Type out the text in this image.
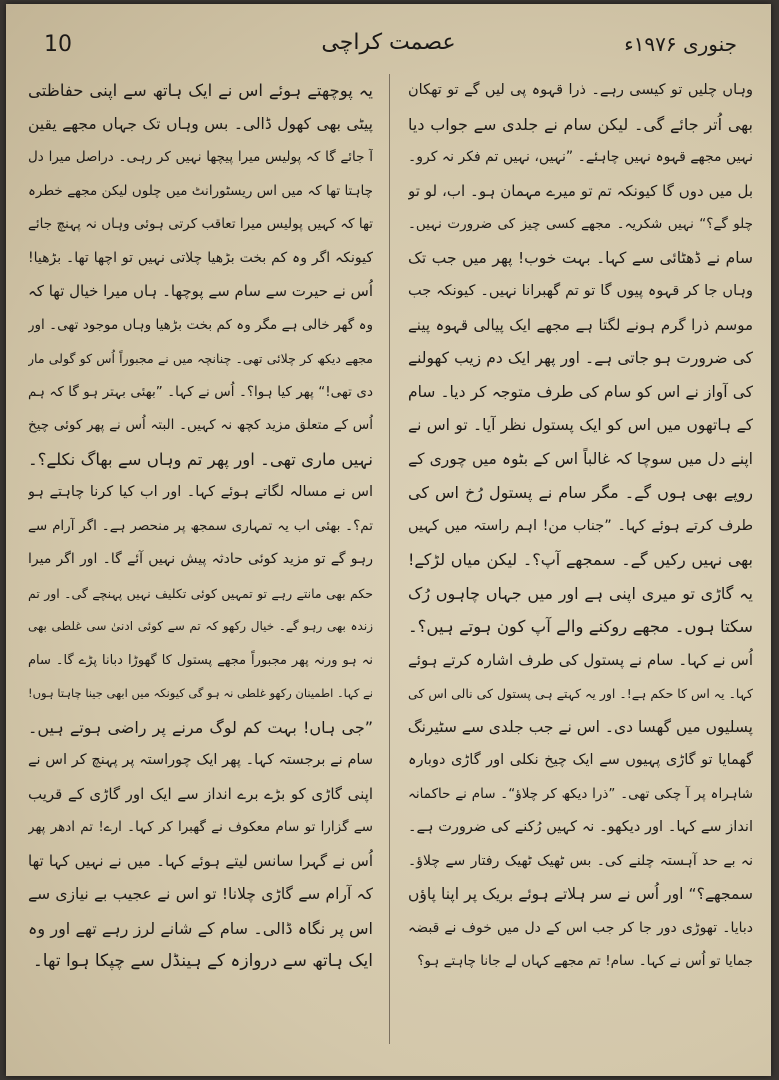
10	عصمت کراچی	جنوری ۱۹۷۶ء
وہاں چلیں تو کیسی رہے۔ ذرا قہوہ پی لیں گے تو تھکان
بھی اُتر جائے گی۔ لیکن سام نے جلدی سے جواب دیا
نہیں مجھے قہوہ نہیں چاہئے۔ ”نہیں، نہیں تم فکر نہ کرو۔
بل میں دوں گا کیونکہ تم تو میرے مہمان ہو۔ اب، لو تو
چلو گے؟“ نہیں شکریہ۔ مجھے کسی چیز کی ضرورت نہیں۔
سام نے ڈھٹائی سے کہا۔ بہت خوب! پھر میں جب تک
وہاں جا کر قہوہ پیوں گا تو تم گھبرانا نہیں۔ کیونکہ جب
موسم ذرا گرم ہونے لگتا ہے مجھے ایک پیالی قہوہ پینے
کی ضرورت ہو جاتی ہے۔ اور پھر ایک دم زیب کھولنے
کی آواز نے اس کو سام کی طرف متوجہ کر دیا۔ سام
کے ہاتھوں میں اس کو ایک پستول نظر آیا۔ تو اس نے
اپنے دل میں سوچا کہ غالباً اس کے بٹوہ میں چوری کے
روپے بھی ہوں گے۔ مگر سام نے پستول رُخ اس کی
طرف کرتے ہوئے کہا۔ ”جناب من! اہم راستہ میں کہیں
بھی نہیں رکیں گے۔ سمجھے آپ؟۔ لیکن میاں لڑکے!
یہ گاڑی تو میری اپنی ہے اور میں جہاں چاہوں رُک
سکتا ہوں۔ مجھے روکنے والے آپ کون ہوتے ہیں؟۔
اُس نے کہا۔ سام نے پستول کی طرف اشارہ کرتے ہوئے
کہا۔ یہ اس کا حکم ہے!۔ اور یہ کہتے ہی پستول کی نالی اس کی
پسلیوں میں گھسا دی۔ اس نے جب جلدی سے سٹیرنگ
گھمایا تو گاڑی پہیوں سے ایک چیخ نکلی اور گاڑی دوبارہ
شاہراہ پر آ چکی تھی۔ ”ذرا دیکھ کر چلاؤ“۔ سام نے حاکمانہ
انداز سے کہا۔ اور دیکھو۔ نہ کہیں رُکنے کی ضرورت ہے۔
نہ بے حد آہستہ چلنے کی۔ بس ٹھیک ٹھیک رفتار سے چلاؤ۔
سمجھے؟“ اور اُس نے سر ہلاتے ہوئے بریک پر اپنا پاؤں
دبایا۔ تھوڑی دور جا کر جب اس کے دل میں خوف نے قبضہ
جمایا تو اُس نے کہا۔ سام! تم مجھے کہاں لے جانا چاہتے ہو؟
یہ پوچھتے ہوئے اس نے ایک ہاتھ سے اپنی حفاظتی
پیٹی بھی کھول ڈالی۔ بس وہاں تک جہاں مجھے یقین
آ جائے گا کہ پولیس میرا پیچھا نہیں کر رہی۔ دراصل میرا دل
چاہتا تھا کہ میں اس ریسٹورانٹ میں چلوں لیکن مجھے خطرہ
تھا کہ کہیں پولیس میرا تعاقب کرتی ہوئی وہاں نہ پہنچ جائے
کیونکہ اگر وہ کم بخت بڑھیا چلاتی نہیں تو اچھا تھا۔ بڑھیا!
اُس نے حیرت سے سام سے پوچھا۔ ہاں میرا خیال تھا کہ
وہ گھر خالی ہے مگر وہ کم بخت بڑھیا وہاں موجود تھی۔ اور
مجھے دیکھ کر چلائی تھی۔ چنانچہ میں نے مجبوراً اُس کو گولی مار
دی تھی!“ پھر کیا ہوا؟۔ اُس نے کہا۔ ”بھئی بہتر ہو گا کہ ہم
اُس کے متعلق مزید کچھ نہ کہیں۔ البتہ اُس نے پھر کوئی چیخ
نہیں ماری تھی۔ اور پھر تم وہاں سے بھاگ نکلے؟۔
اس نے مسالہ لگاتے ہوئے کہا۔ اور اب کیا کرنا چاہتے ہو
تم؟۔ بھئی اب یہ تمہاری سمجھ پر منحصر ہے۔ اگر آرام سے
رہو گے تو مزید کوئی حادثہ پیش نہیں آئے گا۔ اور اگر میرا
حکم بھی مانتے رہے تو تمہیں کوئی تکلیف نہیں پہنچے گی۔ اور تم
زندہ بھی رہو گے۔ خیال رکھو کہ تم سے کوئی ادنیٰ سی غلطی بھی
نہ ہو ورنہ پھر مجبوراً مجھے پستول کا گھوڑا دبانا پڑے گا۔ سام
نے کہا۔ اطمینان رکھو غلطی نہ ہو گی کیونکہ میں ابھی جینا چاہتا ہوں!
”جی ہاں! بہت کم لوگ مرنے پر راضی ہوتے ہیں۔
سام نے برجستہ کہا۔ پھر ایک چوراستہ پر پہنچ کر اس نے
اپنی گاڑی کو بڑے برے انداز سے ایک اور گاڑی کے قریب
سے گزارا تو سام معکوف نے گھبرا کر کہا۔ ارے! تم ادھر پھر
اُس نے گہرا سانس لیتے ہوئے کہا۔ میں نے نہیں کہا تھا
کہ آرام سے گاڑی چلانا! تو اس نے عجیب بے نیازی سے
اس پر نگاہ ڈالی۔ سام کے شانے لرز رہے تھے اور وہ
ایک ہاتھ سے دروازہ کے ہینڈل سے چپکا ہوا تھا۔
